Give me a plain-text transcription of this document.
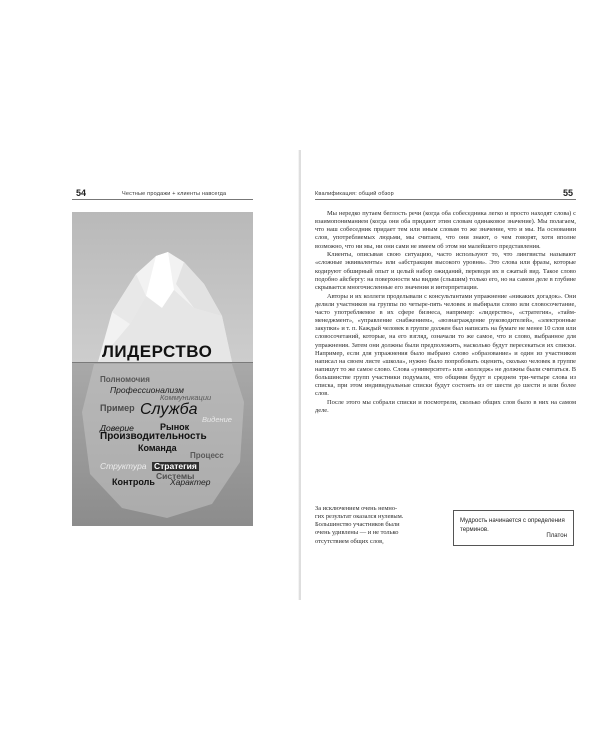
54	Честные продажи + клиенты навсегда
ЛИДЕРСТВО
Полномочия
Профессионализм
Коммуникации
Пример Служба
Видение
Доверие	Рынок
Производительность
Команда
Процесс
Структура Стратегия
Системы
Контроль Характер
Квалификация: общий обзор	55

Мы нередко путаем беглость речи (когда оба собеседника легко и просто находят слова) с взаимопониманием (когда они оба придают этим словам одинаковое значение). Мы полагаем, что наш собеседник придает тем или иным словам то же значение, что и мы. На основании слов, употребляемых людьми, мы считаем, что они знают, о чем говорят, хотя вполне возможно, что ни мы, ни они сами не имеем об этом ни малейшего представления.

Клиенты, описывая свою ситуацию, часто используют то, что лингвисты называют «сложные эквиваленты» или «абстракции высокого уровня». Это слова или фразы, которые кодируют обширный опыт и целый набор ожиданий, переводя их в сжатый вид. Такое слово подобно айсбергу: на поверхности мы видим (слышим) только его, но на самом деле в глубине скрывается многочисленные его значения и интерпретации.

Авторы и их коллеги проделывали с консультантами упражнение «никаких догадок». Они делили участников на группы по четыре-пять человек и выбирали слово или словосочетание, часто употребляемое в их сфере бизнеса, например: «лидерство», «стратегия», «тайм-менеджмент», «управление снабжением», «вознаграждение руководителей», «электронные закупки» и т. п. Каждый человек в группе должен был написать на бумаге не менее 10 слов или словосочетаний, которые, на его взгляд, означали то же самое, что и слово, выбранное для упражнения. Затем они должны были предположить, насколько будут пересекаться их списки. Например, если для упражнения было выбрано слово «образование» и один из участников написал на своем листе «школа», нужно было попробовать оценить, сколько человек в группе напишут то же самое слово. Слова «университет» или «колледж» не должны были считаться. В большинстве групп участники подумали, что общими будут в среднем три-четыре слова из списка, при этом индивидуальные списки будут состоять из от шести до шести и или более слов.

После этого мы собрали списки и посмотрели, сколько общих слов было в них на самом деле.

За исключением очень немно-
гих результат оказался нулевым.
Большинство участников были
очень удивлены — и не только
отсутствием общих слов,
Мудрость начинается с определения терминов.
Платон
